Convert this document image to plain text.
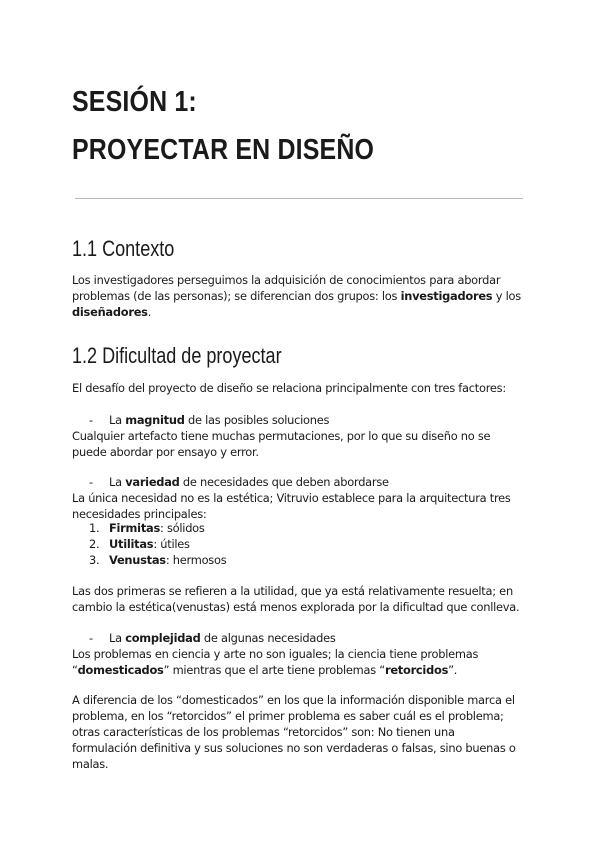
SESIÓN 1:
PROYECTAR EN DISEÑO
1.1 Contexto

Los investigadores perseguimos la adquisición de conocimientos para abordar

problemas (de las personas); se diferencian dos grupos: los investigadores y los

diseñadores.

1.2 Dificultad de proyectar

El desafío del proyecto de diseño se relaciona principalmente con tres factores:

- La magnitud de las posibles soluciones

Cualquier artefacto tiene muchas permutaciones, por lo que su diseño no se

puede abordar por ensayo y error.

- La variedad de necesidades que deben abordarse

La única necesidad no es la estética; Vitruvio establece para la arquitectura tres

necesidades principales:

1. Firmitas: sólidos

2. Utilitas: útiles

3. Venustas: hermosos

Las dos primeras se refieren a la utilidad, que ya está relativamente resuelta; en

cambio la estética(venustas) está menos explorada por la dificultad que conlleva.

- La complejidad de algunas necesidades

Los problemas en ciencia y arte no son iguales; la ciencia tiene problemas

“domesticados” mientras que el arte tiene problemas “retorcidos”.

A diferencia de los “domesticados” en los que la información disponible marca el

problema, en los “retorcidos” el primer problema es saber cuál es el problema;

otras características de los problemas “retorcidos” son: No tienen una

formulación definitiva y sus soluciones no son verdaderas o falsas, sino buenas o

malas.
